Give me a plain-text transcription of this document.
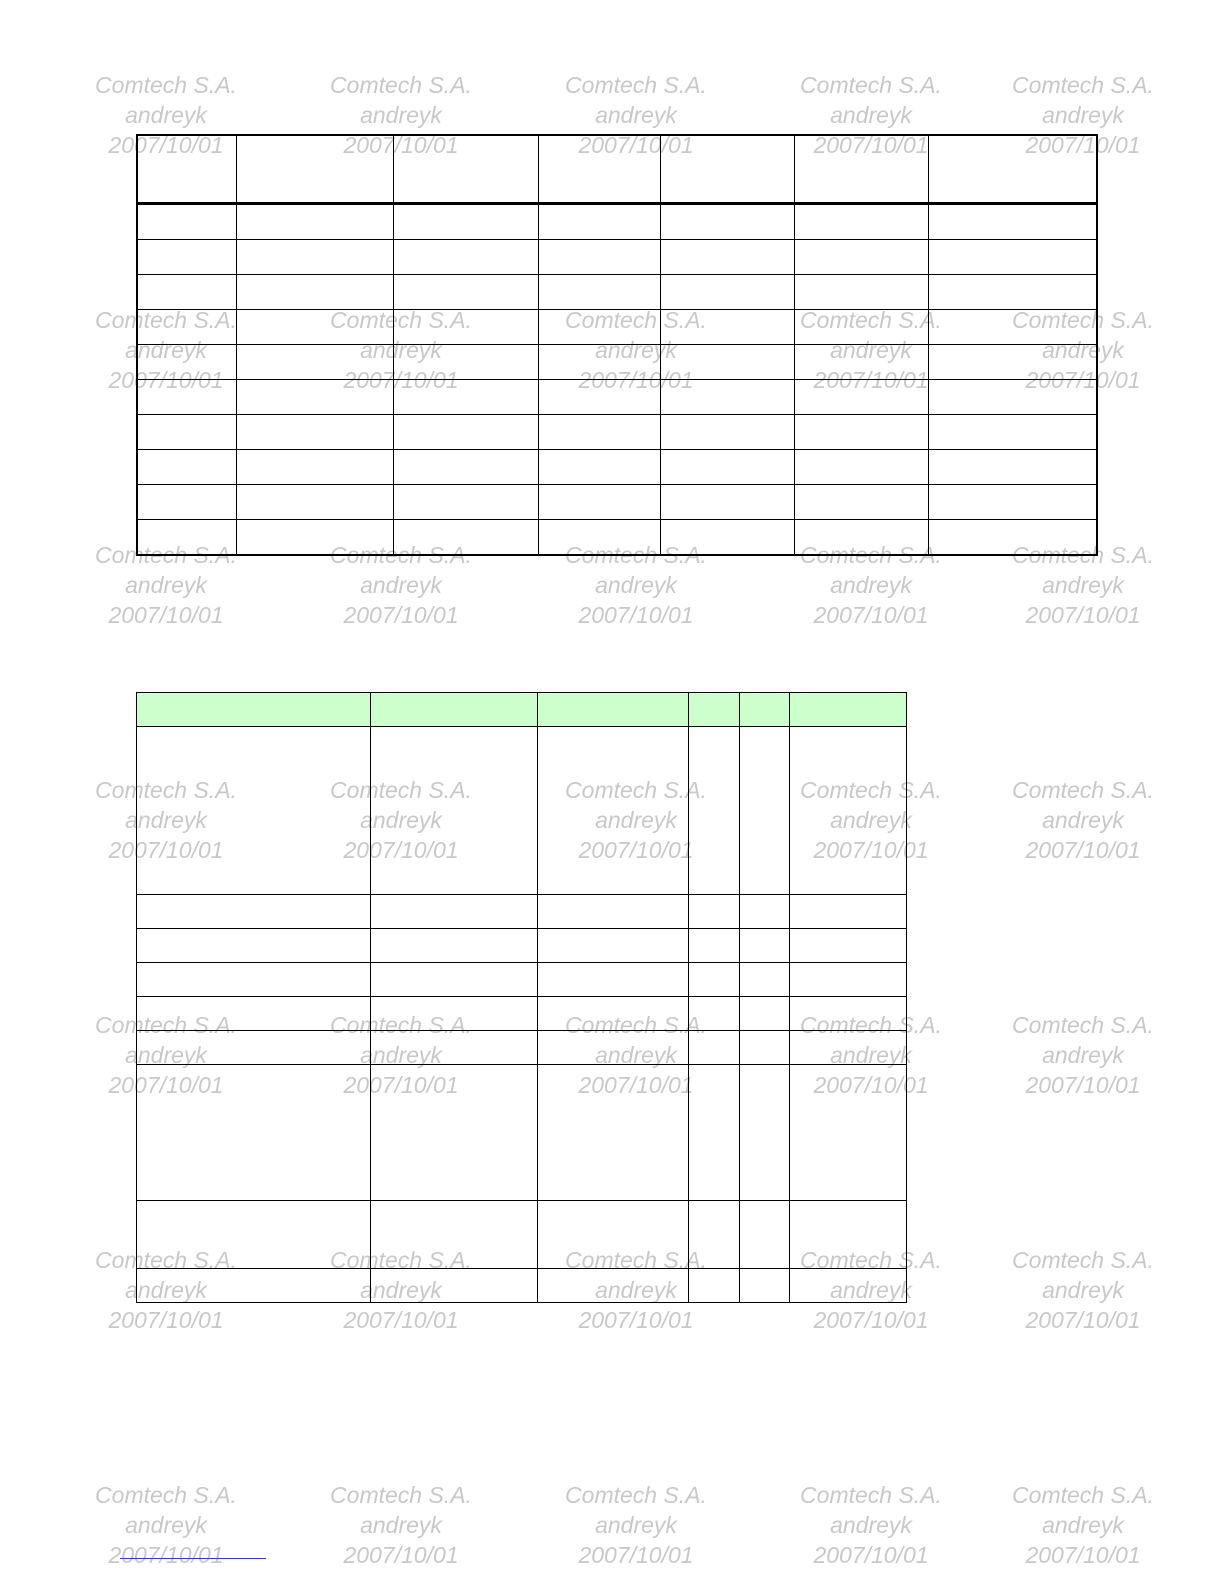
Comtech S.A.
andreyk
2007/10/01
Comtech S.A.
andreyk
2007/10/01
Comtech S.A.
andreyk
2007/10/01
Comtech S.A.
andreyk
2007/10/01
Comtech S.A.
andreyk
2007/10/01
Comtech S.A.
andreyk
2007/10/01
Comtech S.A.
andreyk
2007/10/01
Comtech S.A.
andreyk
2007/10/01
Comtech S.A.
andreyk
2007/10/01
Comtech S.A.
andreyk
2007/10/01
Comtech S.A.
andreyk
2007/10/01
Comtech S.A.
andreyk
2007/10/01
Comtech S.A.
andreyk
2007/10/01
Comtech S.A.
andreyk
2007/10/01
Comtech S.A.
andreyk
2007/10/01
Comtech S.A.
andreyk
2007/10/01
Comtech S.A.
andreyk
2007/10/01
Comtech S.A.
andreyk
2007/10/01
Comtech S.A.
andreyk
2007/10/01
Comtech S.A.
andreyk
2007/10/01
Comtech S.A.
andreyk
2007/10/01
Comtech S.A.
andreyk
2007/10/01
Comtech S.A.
andreyk
2007/10/01
Comtech S.A.
andreyk
2007/10/01
Comtech S.A.
andreyk
2007/10/01
Comtech S.A.
andreyk
2007/10/01
Comtech S.A.
andreyk
2007/10/01
Comtech S.A.
andreyk
2007/10/01
Comtech S.A.
andreyk
2007/10/01
Comtech S.A.
andreyk
2007/10/01
Comtech S.A.
andreyk
2007/10/01
Comtech S.A.
andreyk
2007/10/01
Comtech S.A.
andreyk
2007/10/01
Comtech S.A.
andreyk
2007/10/01
Comtech S.A.
andreyk
2007/10/01
